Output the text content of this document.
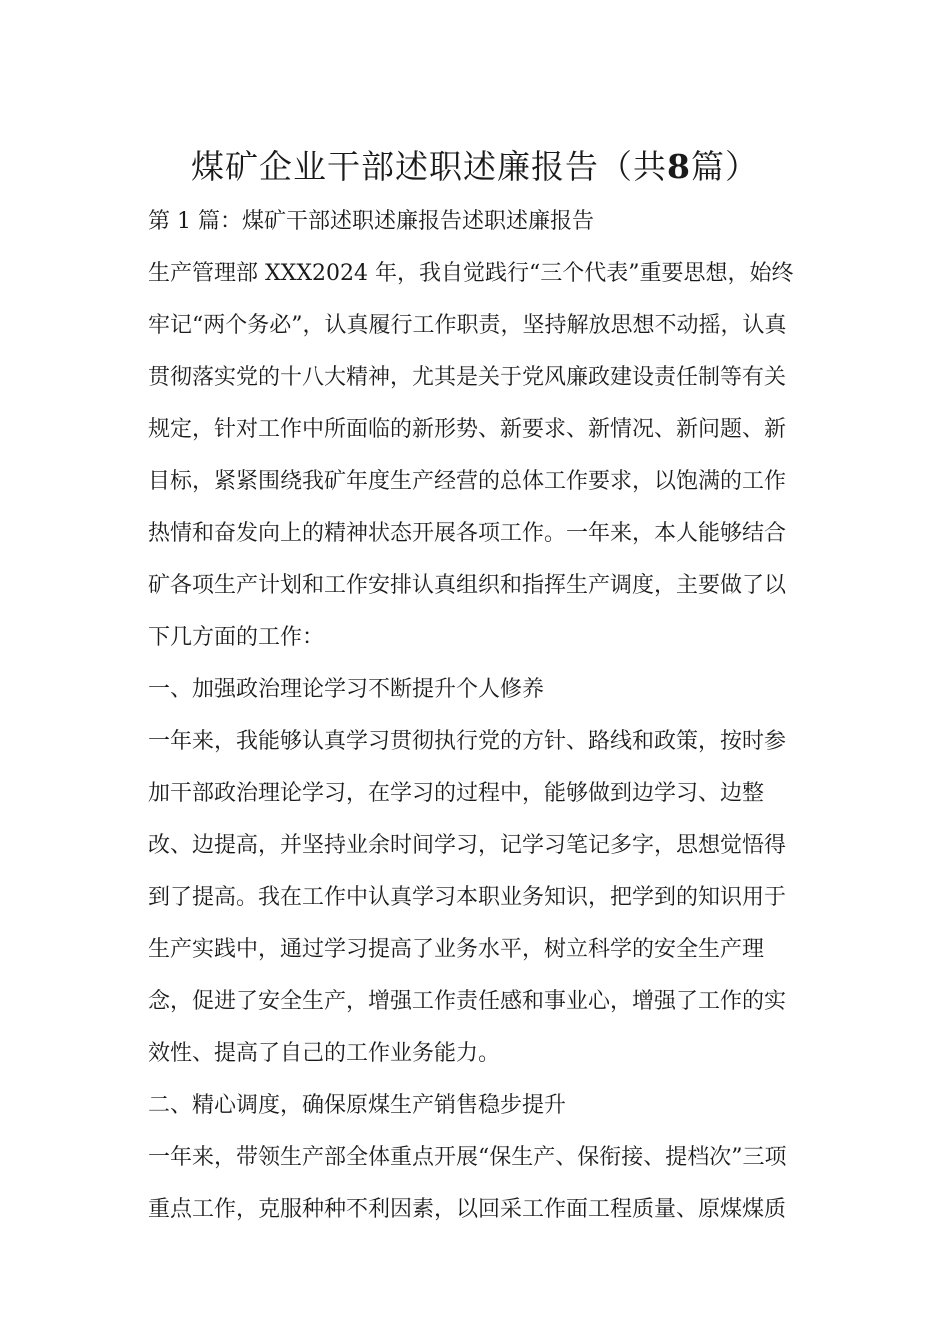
煤矿企业干部述职述廉报告（共8篇）
第 1 篇：煤矿干部述职述廉报告述职述廉报告
生产管理部 XXX2024 年，我自觉践行“三个代表”重要思想，始终
牢记“两个务必”，认真履行工作职责，坚持解放思想不动摇，认真
贯彻落实党的十八大精神，尤其是关于党风廉政建设责任制等有关
规定，针对工作中所面临的新形势、新要求、新情况、新问题、新
目标，紧紧围绕我矿年度生产经营的总体工作要求，以饱满的工作
热情和奋发向上的精神状态开展各项工作。一年来，本人能够结合
矿各项生产计划和工作安排认真组织和指挥生产调度，主要做了以
下几方面的工作：
一、加强政治理论学习不断提升个人修养
一年来，我能够认真学习贯彻执行党的方针、路线和政策，按时参
加干部政治理论学习，在学习的过程中，能够做到边学习、边整
改、边提高，并坚持业余时间学习，记学习笔记多字，思想觉悟得
到了提高。我在工作中认真学习本职业务知识，把学到的知识用于
生产实践中，通过学习提高了业务水平，树立科学的安全生产理
念，促进了安全生产，增强工作责任感和事业心，增强了工作的实
效性、提高了自己的工作业务能力。
二、精心调度，确保原煤生产销售稳步提升
一年来，带领生产部全体重点开展“保生产、保衔接、提档次”三项
重点工作，克服种种不利因素，以回采工作面工程质量、原煤煤质
